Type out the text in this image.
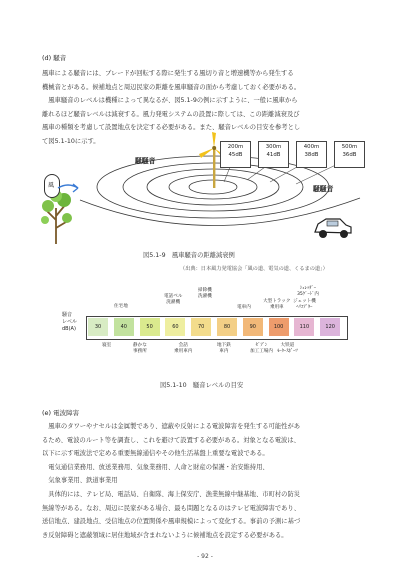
(d) 騒音
風車による騒音には、ブレードが回転する際に発生する風切り音と増速機等から発生する
機械音とがある。候補地点と周辺民家の距離を風車騒音の面から考慮しておく必要がある。
　風車騒音のレベルは機種によって異なるが、図5.1-9の例に示すように、一般に風車から
離れるほど騒音レベルは減衰する。風力発電システムの設置に際しては、この距離減衰及び
風車の種類を考慮して設置地点を決定する必要がある。また、騒音レベルの目安を参考とし
て図5.1-10に示す。
200m
45dB
300m
41dB
400m
38dB
500m
36dB
騒騒音
騒騒音
風
図5.1-9　風車騒音の距離減衰例
（出典：日本風力発電協会「風の道、電気の道、くるまの道」）
騒音
レベル
dB(A)	30	40	50	60	70	80	90	100	110	120
住宅地
電話ベル
洗濯機
掃除機
洗濯機
電車内
大型トラック
乗用車
ジェット機
ﾍﾘｺﾌﾟﾀｰ
ｼｭﾚｯﾀﾞｰ
35ｹﾞｰﾄﾞ内
寝室	静かな
事務所
会話
乗用車内
地下鉄
車内
ｾﾞﾌﾞﾝ
加工工場内
大铁道
ﾓｰﾀｰｽﾎﾟｰﾂ
図5.1-10　騒音レベルの目安
(e) 電波障害
　風車のタワーやナセルは金属製であり、遮蔽や反射による電波障害を発生する可能性があ
るため、電波のルート等を調査し、これを避けて設置する必要がある。対象となる電波は、
以下に示す電波法で定める重要無線通信やその他生活基盤上重要な電波である。
　電気通信業務用、放送業務用、気象業務用、人命と財産の保護・治安維持用、
　気象事業用、鉄道事業用
　具体的には、テレビ局、電話局、自衛隊、海上保安庁、漁業無線中継基地、市町村の防災
無線等がある。なお、周辺に民家がある場合、最も問題となるのはテレビ電波障害であり、
送信地点、建設地点、受信地点の位置関係や風車規模によって変化する。事前の予測に基づ
き反射障碍と遮蔽領域に居住地域が含まれないように候補地点を設定する必要がある。
- 92 -
